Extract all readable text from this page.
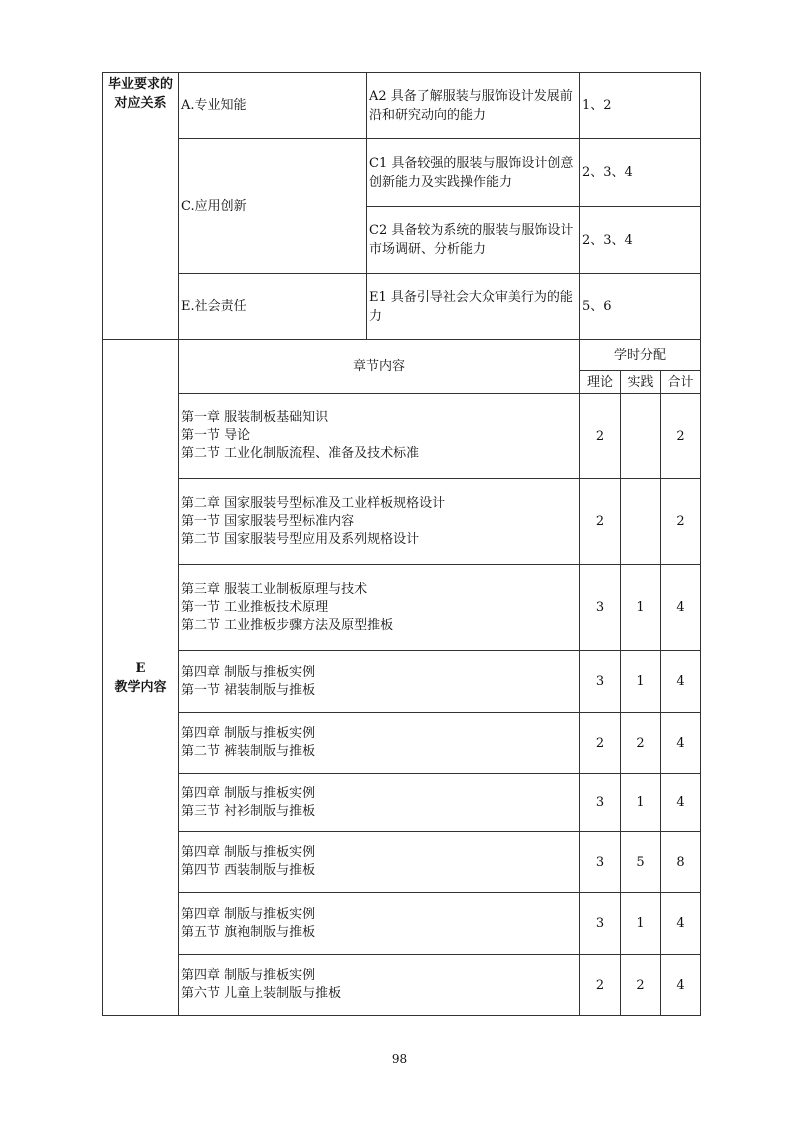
毕业要求的
对应关系	A.专业知能	A2 具备了解服装与服饰设计发展前沿和研究动向的能力	1、2		
	C.应用创新	C1 具备较强的服装与服饰设计创意创新能力及实践操作能力	2、3、4		
		C2 具备较为系统的服装与服饰设计市场调研、分析能力	2、3、4		
	E.社会责任	E1 具备引导社会大众审美行为的能力	5、6		

E
教学内容	章节内容		学时分配		
			理论	实践	合计

	第一章 服装制板基础知识
第一节 导论
第二节 工业化制版流程、准备及技术标准		2		2

	第二章 国家服装号型标准及工业样板规格设计
第一节 国家服装号型标准内容
第二节 国家服装号型应用及系列规格设计		2		2

	第三章 服装工业制板原理与技术
第一节 工业推板技术原理
第二节 工业推板步骤方法及原型推板		3	1	4

	第四章 制版与推板实例
第一节 裙装制版与推板		3	1	4

	第四章 制版与推板实例
第二节 裤装制版与推板		2	2	4

	第四章 制版与推板实例
第三节 衬衫制版与推板		3	1	4

	第四章 制版与推板实例
第四节 西装制版与推板		3	5	8

	第四章 制版与推板实例
第五节 旗袍制版与推板		3	1	4

	第四章 制版与推板实例
第六节 儿童上装制版与推板		2	2	4
98
